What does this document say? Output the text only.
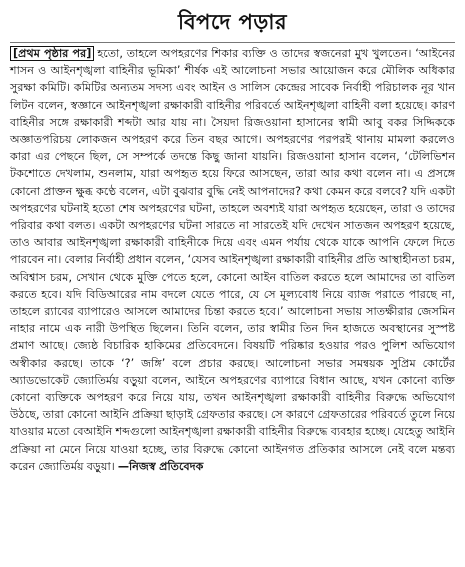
বিপদে পড়ার
[প্রথম পৃষ্ঠার পর] হতো, তাহলে অপহরণের শিকার ব্যক্তি ও তাদের স্বজনেরা মুখ খুলতেন। ‘আইনের শাসন ও আইনশৃঙ্খলা বাহিনীর ভূমিকা’ শীর্ষক এই আলোচনা সভার আয়োজন করে মৌলিক অধিকার সুরক্ষা কমিটি। কমিটির অন্যতম সদস্য এবং আইন ও সালিস কেন্দ্রের সাবেক নির্বাহী পরিচালক নূর খান লিটন বলেন, স্বজ্ঞানে আইনশৃঙ্খলা রক্ষাকারী বাহিনীর পরিবর্তে আইনশৃঙ্খলা বাহিনী বলা হয়েছে। কারণ বাহিনীর সঙ্গে রক্ষাকারী শব্দটা আর যায় না। সৈয়দা রিজওয়ানা হাসানের স্বামী আবু বকর সিদ্দিককে অজ্ঞাতপরিচয় লোকজন অপহরণ করে তিন বছর আগে। অপহরণের পরপরই থানায় মামলা করলেও কারা এর পেছনে ছিল, সে সম্পর্কে তদন্তে কিছু জানা যায়নি। রিজওয়ানা হাসান বলেন, ‘টেলিভিশন টকশোতে দেখলাম, শুনলাম, যারা অপহৃত হয়ে ফিরে আসছেন, তারা আর কথা বলেন না। এ প্রসঙ্গে কোনো প্রাক্তন ক্ষুব্ধ কণ্ঠে বলেন, এটা বুঝবার বুদ্ধি নেই আপনাদের? কথা কেমন করে বলবে? যদি একটা অপহরণের ঘটনাই হতো শেষ অপহরণের ঘটনা, তাহলে অবশ্যই যারা অপহৃত হয়েছেন, তারা ও তাদের পরিবার কথা বলত। একটা অপহরণের ঘটনা সারতে না সারতেই যদি দেখেন সাতজন অপহরণ হয়েছে, তাও আবার আইনশৃঙ্খলা রক্ষাকারী বাহিনীকে দিয়ে এবং এমন পর্যায় থেকে যাকে আপনি ফেলে দিতে পারবেন না। বেলার নির্বাহী প্রধান বলেন, ‘যেসব আইনশৃঙ্খলা রক্ষাকারী বাহিনীর প্রতি আস্থাহীনতা চরম, অবিশ্বাস চরম, সেখান থেকে মুক্তি পেতে হলে, কোনো আইন বাতিল করতে হলে আমাদের তা বাতিল করতে হবে। যদি বিডিআরের নাম বদলে যেতে পারে, যে সে মূল্যবোধ নিয়ে ব্যাজ পরাতে পারছে না, তাহলে র‌্যাবের ব্যাপারেও আসলে আমাদের চিন্তা করতে হবে।’ আলোচনা সভায় সাতক্ষীরার জেসমিন নাহার নামে এক নারী উপস্থিত ছিলেন। তিনি বলেন, তার স্বামীর তিন দিন হাজতে অবস্থানের সুস্পষ্ট প্রমাণ আছে। জ্যেষ্ঠ বিচারিক হাকিমের প্রতিবেদনে। বিষয়টি পরিষ্কার হওয়ার পরও পুলিশ অভিযোগ অস্বীকার করছে। তাকে ‘?’ জঙ্গি’ বলে প্রচার করছে। আলোচনা সভার সমন্বয়ক সুপ্রিম কোর্টের অ্যাডভোকেট জ্যোতির্ময় বড়ুয়া বলেন, আইনে অপহরণের ব্যাপারে বিধান আছে, যখন কোনো ব্যক্তি কোনো ব্যক্তিকে অপহরণ করে নিয়ে যায়, তখন আইনশৃঙ্খলা রক্ষাকারী বাহিনীর বিরুদ্ধে অভিযোগ উঠছে, তারা কোনো আইনি প্রক্রিয়া ছাড়াই গ্রেফতার করছে। সে কারণে গ্রেফতারের পরিবর্তে তুলে নিয়ে যাওয়ার মতো বেআইনি শব্দগুলো আইনশৃঙ্খলা রক্ষাকারী বাহিনীর বিরুদ্ধে ব্যবহার হচ্ছে। যেহেতু আইনি প্রক্রিয়া না মেনে নিয়ে যাওয়া হচ্ছে, তার বিরুদ্ধে কোনো আইনগত প্রতিকার আসলে নেই বলে মন্তব্য করেন জ্যোতির্ময় বড়ুয়া। —নিজস্ব প্রতিবেদক
